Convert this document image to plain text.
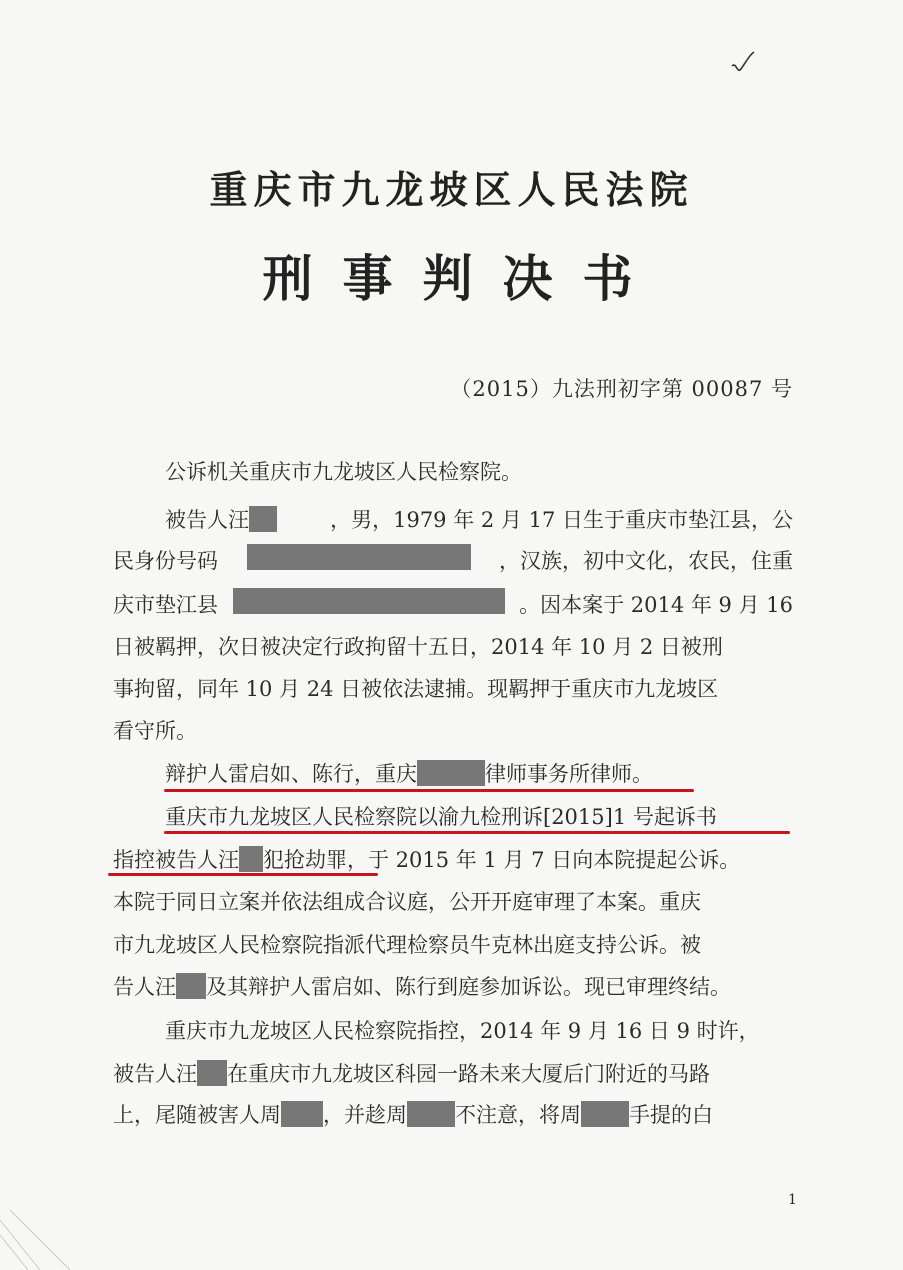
重庆市九龙坡区人民法院
刑事判决书
（2015）九法刑初字第 00087 号
公诉机关重庆市九龙坡区人民检察院。
被告人汪	，男，1979 年 2 月 17 日生于重庆市垫江县，公
民身份号码	，汉族，初中文化，农民，住重
庆市垫江县	。因本案于 2014 年 9 月 16
日被羁押，次日被决定行政拘留十五日，2014 年 10 月 2 日被刑
事拘留，同年 10 月 24 日被依法逮捕。现羁押于重庆市九龙坡区
看守所。
辩护人雷启如、陈行，重庆	律师事务所律师。
重庆市九龙坡区人民检察院以渝九检刑诉[2015]1 号起诉书
指控被告人汪 犯抢劫罪，于 2015 年 1 月 7 日向本院提起公诉。
本院于同日立案并依法组成合议庭，公开开庭审理了本案。重庆
市九龙坡区人民检察院指派代理检察员牛克林出庭支持公诉。被
告人汪 及其辩护人雷启如、陈行到庭参加诉讼。现已审理终结。
重庆市九龙坡区人民检察院指控，2014 年 9 月 16 日 9 时许，
被告人汪 在重庆市九龙坡区科园一路未来大厦后门附近的马路
上，尾随被害人周 ，并趁周 不注意，将周 手提的白
1
